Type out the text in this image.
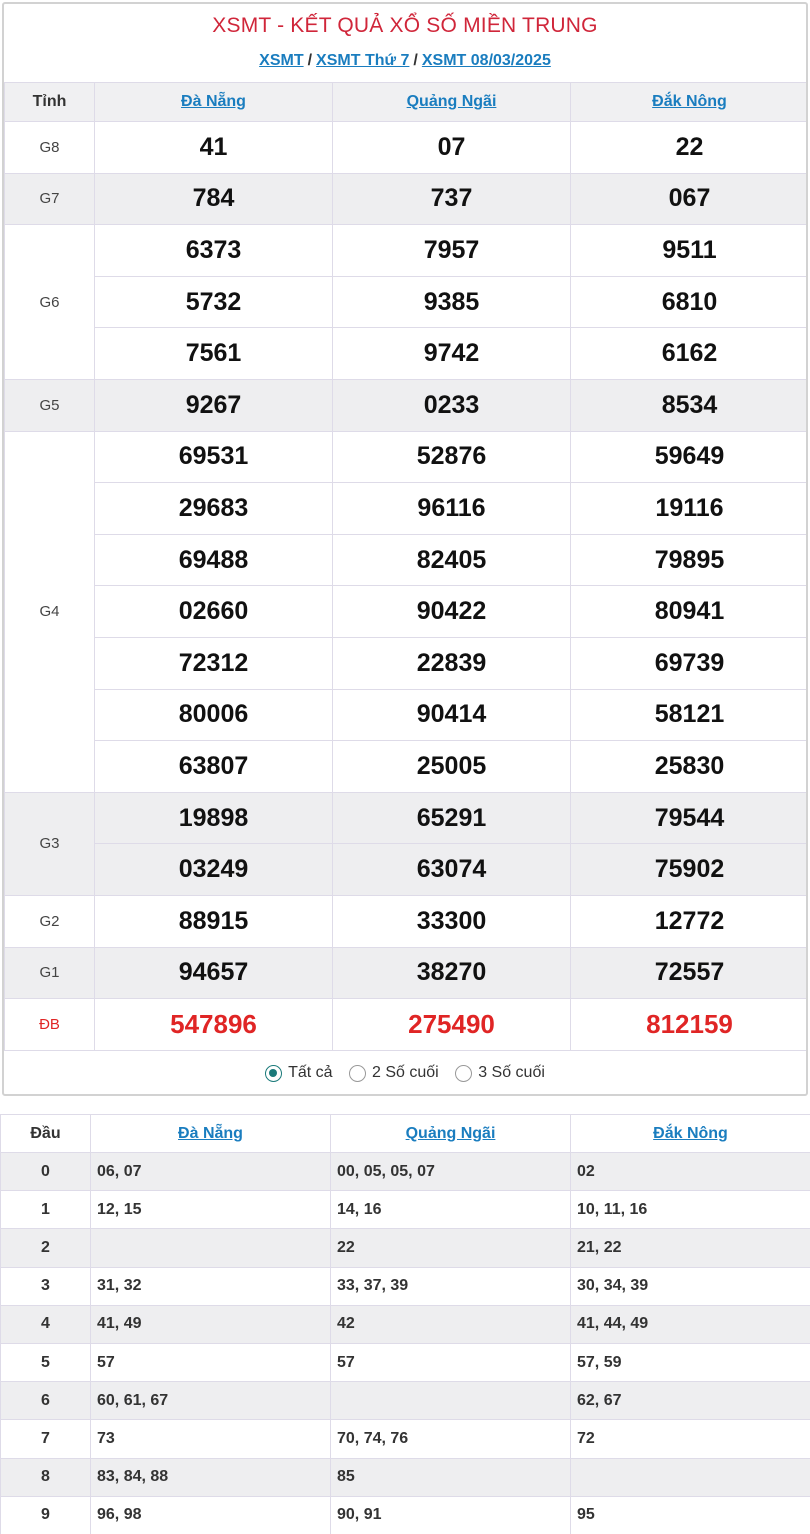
XSMT - KẾT QUẢ XỔ SỐ MIỀN TRUNG
XSMT / XSMT Thứ 7 / XSMT 08/03/2025
Tỉnh	Đà Nẵng	Quảng Ngãi	Đắk Nông
G8	41	07	22
G7	784	737	067
G6	6373	7957	9511
	5732	9385	6810
	7561	9742	6162
G5	9267	0233	8534
G4	69531	52876	59649
	29683	96116	19116
	69488	82405	79895
	02660	90422	80941
	72312	22839	69739
	80006	90414	58121
	63807	25005	25830
G3	19898	65291	79544
	03249	63074	75902
G2	88915	33300	12772
G1	94657	38270	72557
ĐB	547896	275490	812159
Tất cả
2 Số cuối
3 Số cuối
Đầu	Đà Nẵng	Quảng Ngãi	Đắk Nông
0	06, 07	00, 05, 05, 07	02
1	12, 15	14, 16	10, 11, 16
2		22	21, 22
3	31, 32	33, 37, 39	30, 34, 39
4	41, 49	42	41, 44, 49
5	57	57	57, 59
6	60, 61, 67		62, 67
7	73	70, 74, 76	72
8	83, 84, 88	85	
9	96, 98	90, 91	95
